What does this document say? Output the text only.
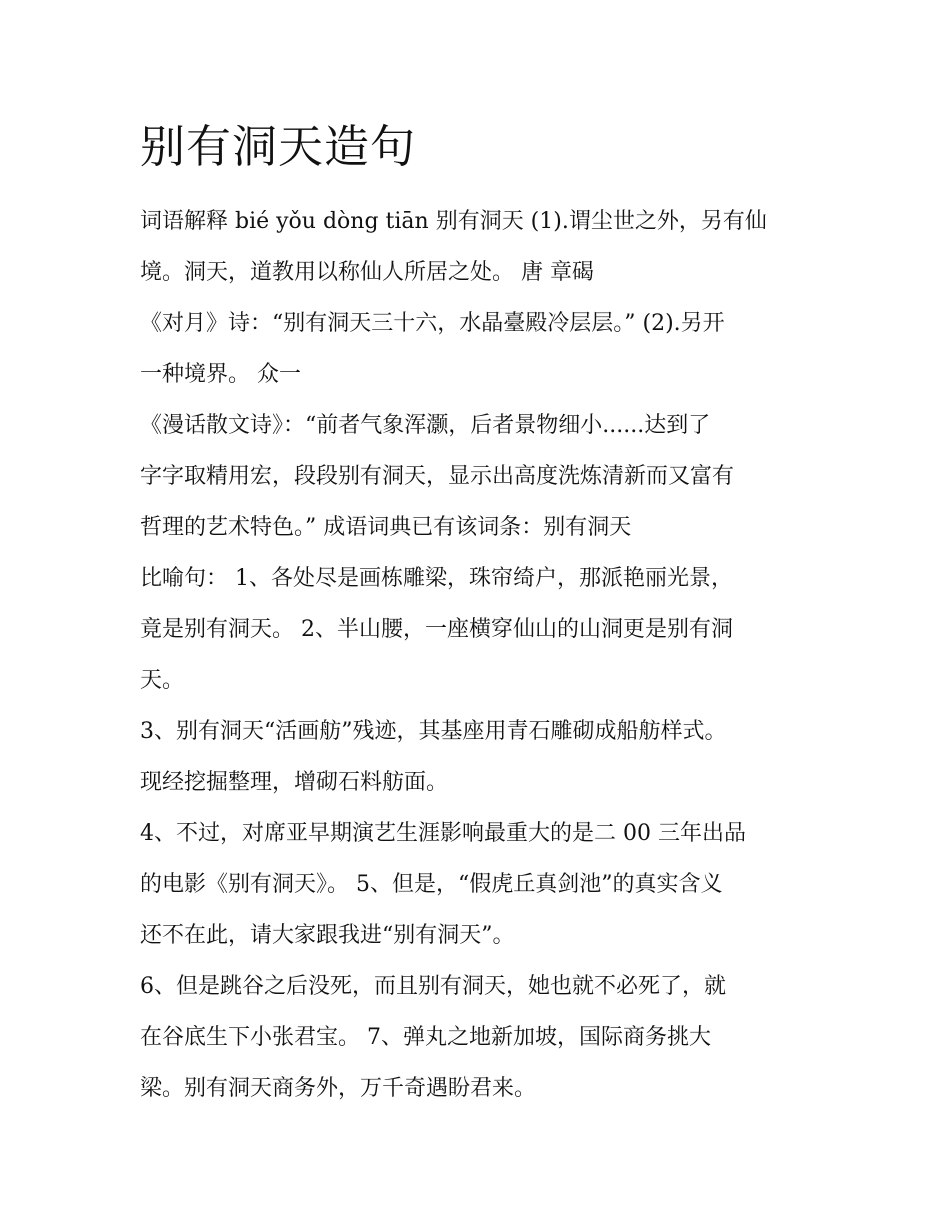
别有洞天造句
词语解释 bié yǒu dòng tiān 别有洞天 (1).谓尘世之外，另有仙
境。洞天，道教用以称仙人所居之处。 唐 章碣
《对月》诗：“别有洞天三十六，水晶臺殿冷层层。” (2).另开
一种境界。 众一
《漫话散文诗》：“前者气象浑灏，后者景物细小......达到了
字字取精用宏，段段别有洞天，显示出高度洗炼清新而又富有
哲理的艺术特色。” 成语词典已有该词条：别有洞天
比喻句： 1、各处尽是画栋雕梁，珠帘绮户，那派艳丽光景，
竟是别有洞天。 2、半山腰，一座横穿仙山的山洞更是别有洞
天。
3、别有洞天“活画舫”残迹，其基座用青石雕砌成船舫样式。
现经挖掘整理，增砌石料舫面。
4、不过，对席亚早期演艺生涯影响最重大的是二 00 三年出品
的电影《别有洞天》。 5、但是，“假虎丘真剑池”的真实含义
还不在此，请大家跟我进“别有洞天”。
6、但是跳谷之后没死，而且别有洞天，她也就不必死了，就
在谷底生下小张君宝。 7、弹丸之地新加坡，国际商务挑大
梁。别有洞天商务外，万千奇遇盼君来。
